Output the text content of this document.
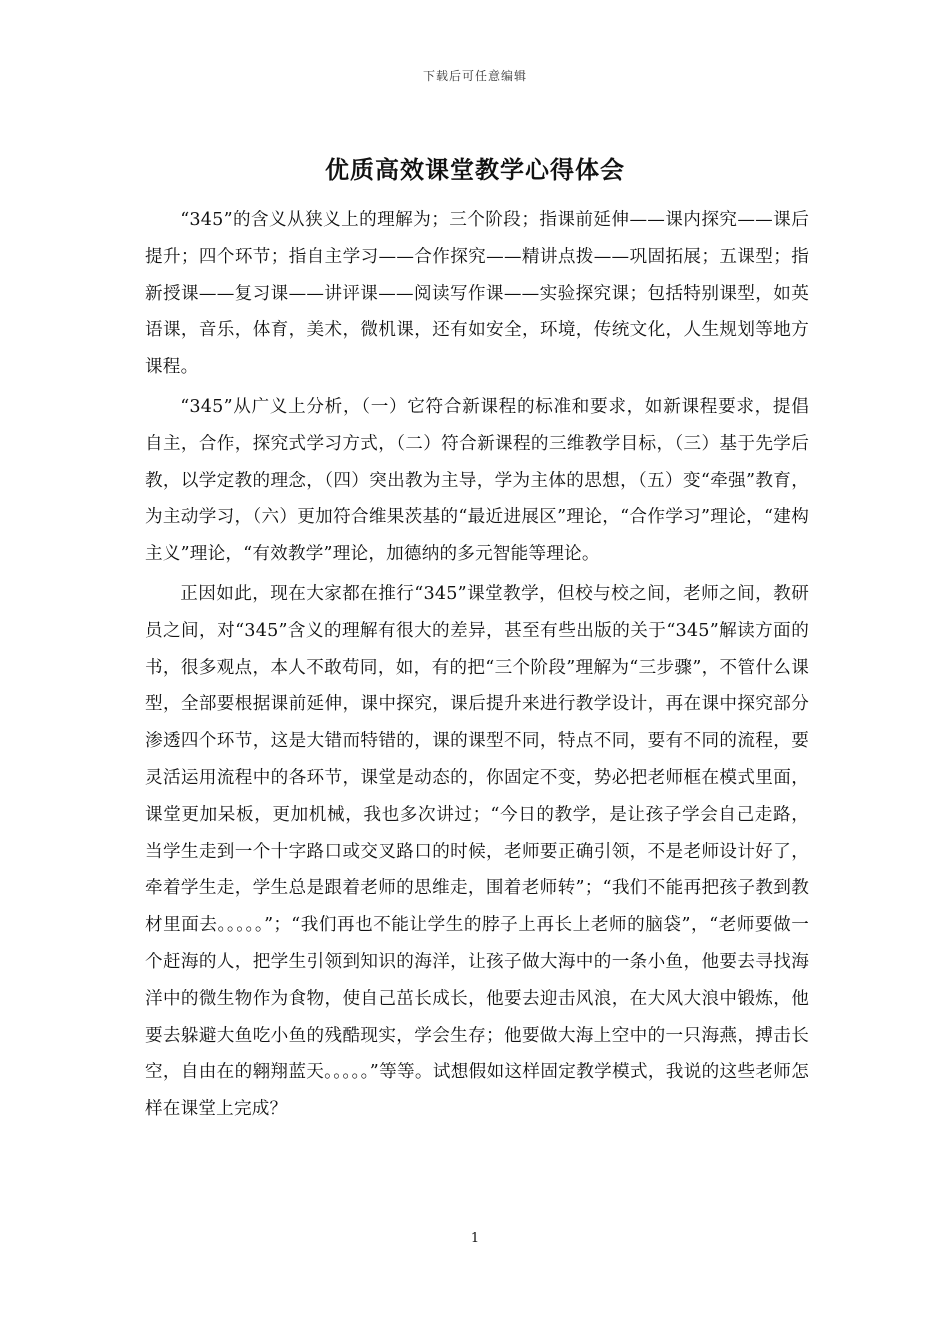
下载后可任意编辑
优质高效课堂教学心得体会

“345”的含义从狭义上的理解为；三个阶段；指课前延伸——课内探究——课后提升；四个环节；指自主学习——合作探究——精讲点拨——巩固拓展；五课型；指新授课——复习课——讲评课——阅读写作课——实验探究课；包括特别课型，如英语课，音乐，体育，美术，微机课，还有如安全，环境，传统文化，人生规划等地方课程。

“345”从广义上分析，（一）它符合新课程的标准和要求，如新课程要求，提倡自主，合作，探究式学习方式，（二）符合新课程的三维教学目标，（三）基于先学后教，以学定教的理念，（四）突出教为主导，学为主体的思想，（五）变“牵强”教育，为主动学习，（六）更加符合维果茨基的“最近进展区”理论，“合作学习”理论，“建构主义”理论，“有效教学”理论，加德纳的多元智能等理论。

正因如此，现在大家都在推行“345”课堂教学，但校与校之间，老师之间，教研员之间，对“345”含义的理解有很大的差异，甚至有些出版的关于“345”解读方面的书，很多观点，本人不敢苟同，如，有的把“三个阶段”理解为“三步骤”，不管什么课型，全部要根据课前延伸，课中探究，课后提升来进行教学设计，再在课中探究部分渗透四个环节，这是大错而特错的，课的课型不同，特点不同，要有不同的流程，要灵活运用流程中的各环节，课堂是动态的，你固定不变，势必把老师框在模式里面，课堂更加呆板，更加机械，我也多次讲过；“今日的教学，是让孩子学会自己走路，当学生走到一个十字路口或交叉路口的时候，老师要正确引领，不是老师设计好了，牵着学生走，学生总是跟着老师的思维走，围着老师转”；“我们不能再把孩子教到教材里面去。。。。。”；“我们再也不能让学生的脖子上再长上老师的脑袋”，“老师要做一个赶海的人，把学生引领到知识的海洋，让孩子做大海中的一条小鱼，他要去寻找海洋中的微生物作为食物，使自己茁长成长，他要去迎击风浪，在大风大浪中锻炼，他要去躲避大鱼吃小鱼的残酷现实，学会生存；他要做大海上空中的一只海燕，搏击长空，自由在的翱翔蓝天。。。。。”等等。试想假如这样固定教学模式，我说的这些老师怎样在课堂上完成？

1
